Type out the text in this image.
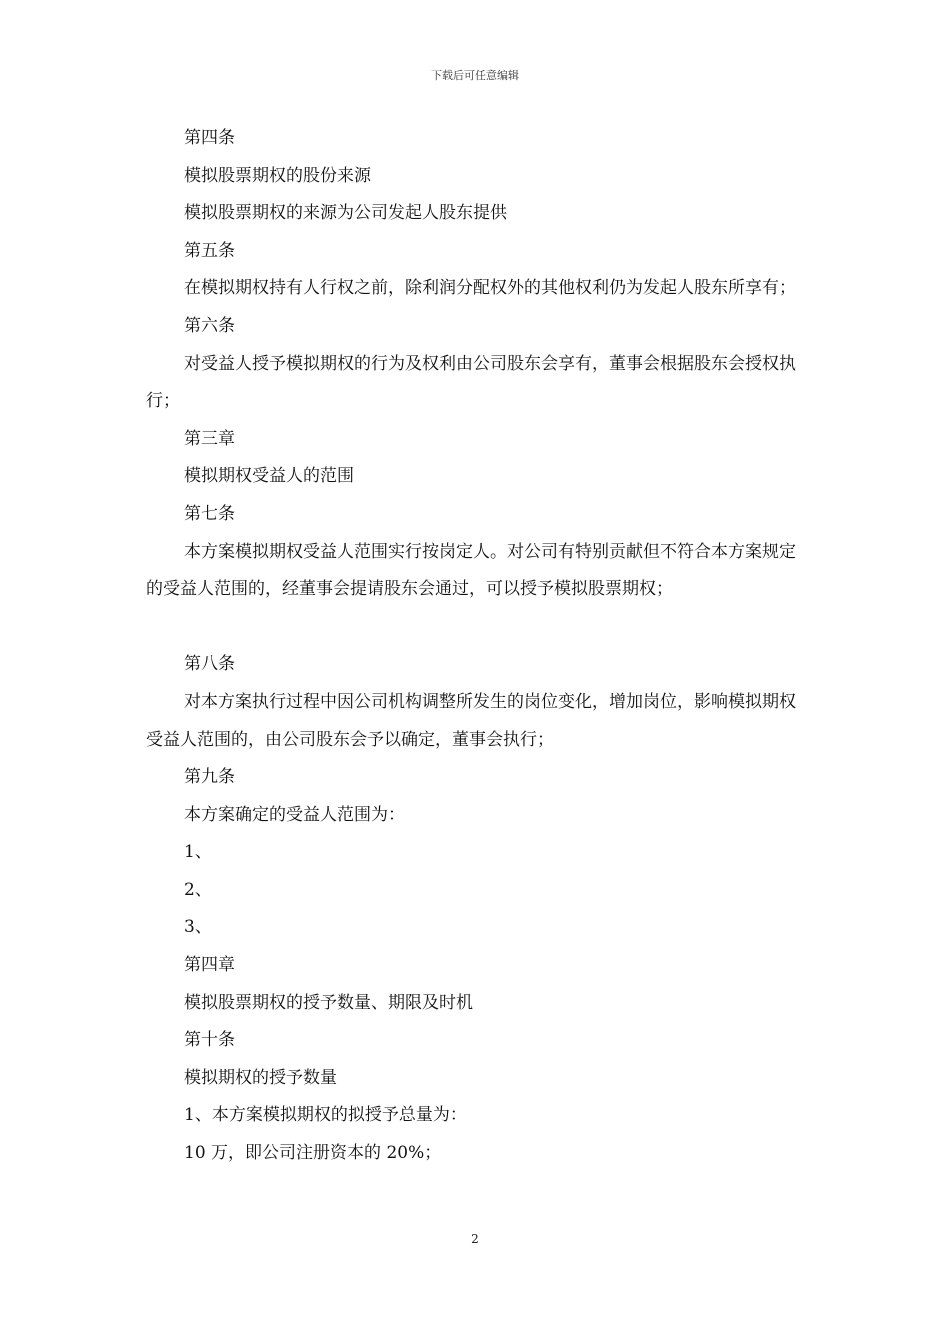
下载后可任意编辑

第四条

模拟股票期权的股份来源

模拟股票期权的来源为公司发起人股东提供

第五条

在模拟期权持有人行权之前，除利润分配权外的其他权利仍为发起人股东所享有；

第六条

对受益人授予模拟期权的行为及权利由公司股东会享有，董事会根据股东会授权执行；

第三章

模拟期权受益人的范围

第七条

本方案模拟期权受益人范围实行按岗定人。对公司有特别贡献但不符合本方案规定的受益人范围的，经董事会提请股东会通过，可以授予模拟股票期权；

第八条

对本方案执行过程中因公司机构调整所发生的岗位变化，增加岗位，影响模拟期权受益人范围的，由公司股东会予以确定，董事会执行；

第九条

本方案确定的受益人范围为：

1、

2、

3、

第四章

模拟股票期权的授予数量、期限及时机

第十条

模拟期权的授予数量

1、本方案模拟期权的拟授予总量为：

10 万，即公司注册资本的 20%；

2
